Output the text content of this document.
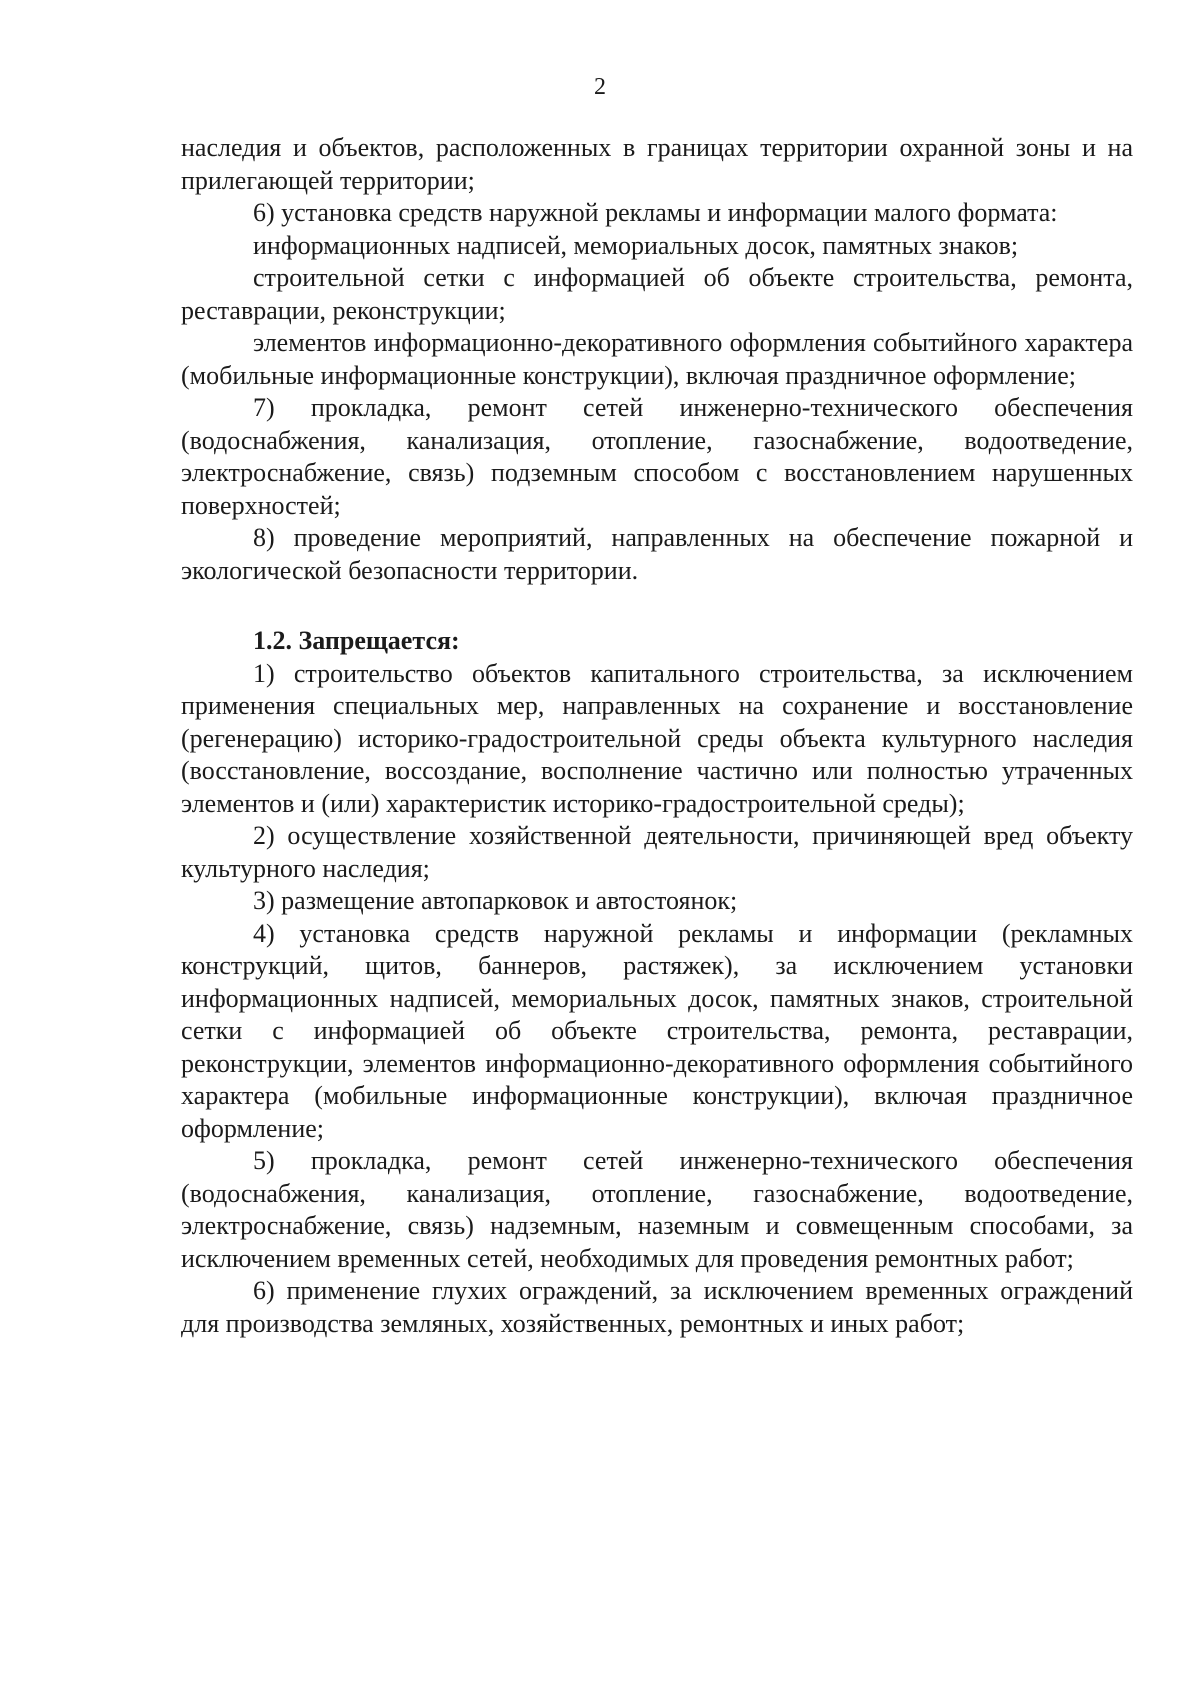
2

наследия и объектов, расположенных в границах территории охранной зоны и на прилегающей территории;

6) установка средств наружной рекламы и информации малого формата:

информационных надписей, мемориальных досок, памятных знаков;

строительной сетки с информацией об объекте строительства, ремонта, реставрации, реконструкции;

элементов информационно-декоративного оформления событийного характера (мобильные информационные конструкции), включая праздничное оформление;

7) прокладка, ремонт сетей инженерно-технического обеспечения (водоснабжения, канализация, отопление, газоснабжение, водоотведение, электроснабжение, связь) подземным способом с восстановлением нарушенных поверхностей;

8) проведение мероприятий, направленных на обеспечение пожарной и экологической безопасности территории.

1.2. Запрещается:

1) строительство объектов капитального строительства, за исключением применения специальных мер, направленных на сохранение и восстановление (регенерацию) историко-градостроительной среды объекта культурного наследия (восстановление, воссоздание, восполнение частично или полностью утраченных элементов и (или) характеристик историко-градостроительной среды);

2) осуществление хозяйственной деятельности, причиняющей вред объекту культурного наследия;

3) размещение автопарковок и автостоянок;

4) установка средств наружной рекламы и информации (рекламных конструкций, щитов, баннеров, растяжек), за исключением установки информационных надписей, мемориальных досок, памятных знаков, строительной сетки с информацией об объекте строительства, ремонта, реставрации, реконструкции, элементов информационно-декоративного оформления событийного характера (мобильные информационные конструкции), включая праздничное оформление;

5) прокладка, ремонт сетей инженерно-технического обеспечения (водоснабжения, канализация, отопление, газоснабжение, водоотведение, электроснабжение, связь) надземным, наземным и совмещенным способами, за исключением временных сетей, необходимых для проведения ремонтных работ;

6) применение глухих ограждений, за исключением временных ограждений для производства земляных, хозяйственных, ремонтных и иных работ;
